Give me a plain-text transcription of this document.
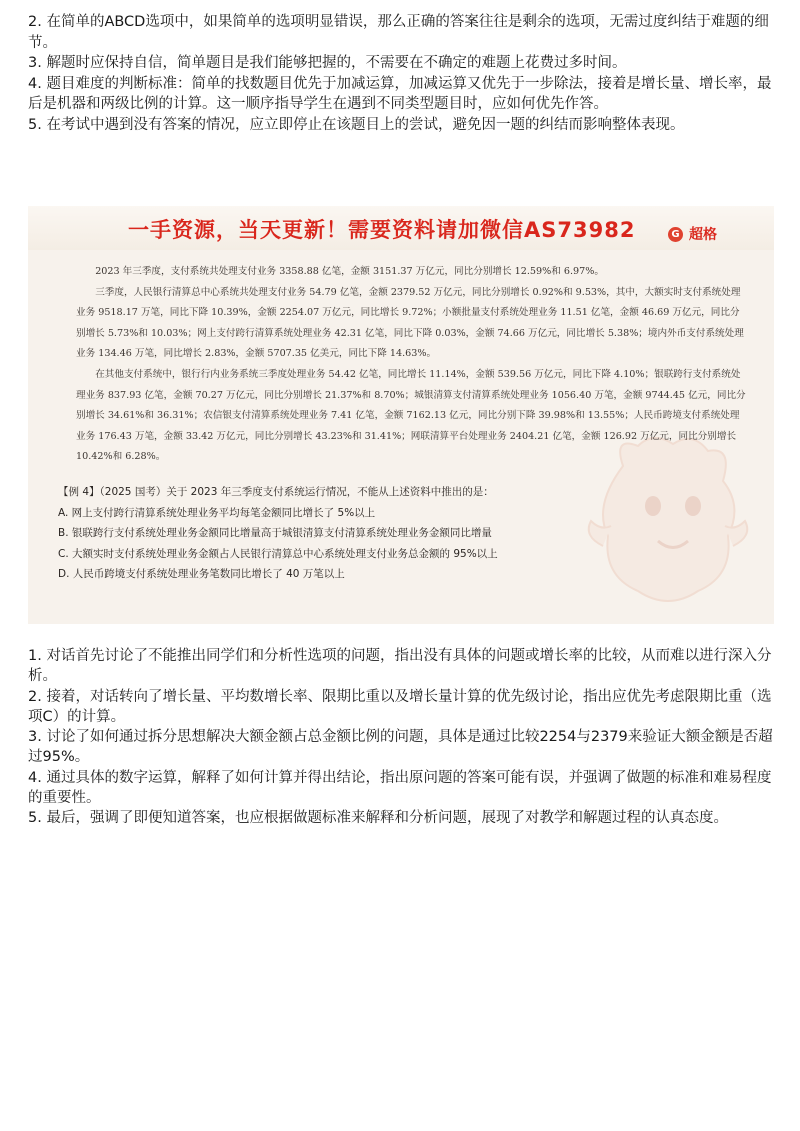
2. 在简单的ABCD选项中，如果简单的选项明显错误，那么正确的答案往往是剩余的选项，无需过度纠结于难题的细节。

3. 解题时应保持自信，简单题目是我们能够把握的，不需要在不确定的难题上花费过多时间。

4. 题目难度的判断标准：简单的找数题目优先于加减运算，加减运算又优先于一步除法，接着是增长量、增长率，最后是机器和两级比例的计算。这一顺序指导学生在遇到不同类型题目时，应如何优先作答。

5. 在考试中遇到没有答案的情况，应立即停止在该题目上的尝试，避免因一题的纠结而影响整体表现。

一手资源，当天更新！需要资料请加微信AS73982	G 超格

2023 年三季度，支付系统共处理支付业务 3358.88 亿笔，金额 3151.37 万亿元，同比分别增长 12.59%和 6.97%。

三季度，人民银行清算总中心系统共处理支付业务 54.79 亿笔，金额 2379.52 万亿元，同比分别增长 0.92%和 9.53%，其中，大额实时支付系统处理业务 9518.17 万笔，同比下降 10.39%，金额 2254.07 万亿元，同比增长 9.72%；小额批量支付系统处理业务 11.51 亿笔，金额 46.69 万亿元，同比分别增长 5.73%和 10.03%；网上支付跨行清算系统处理业务 42.31 亿笔，同比下降 0.03%，金额 74.66 万亿元，同比增长 5.38%；境内外币支付系统处理业务 134.46 万笔，同比增长 2.83%，金额 5707.35 亿美元，同比下降 14.63%。

在其他支付系统中，银行行内业务系统三季度处理业务 54.42 亿笔，同比增长 11.14%，金额 539.56 万亿元，同比下降 4.10%；银联跨行支付系统处理业务 837.93 亿笔，金额 70.27 万亿元，同比分别增长 21.37%和 8.70%；城银清算支付清算系统处理业务 1056.40 万笔，金额 9744.45 亿元，同比分别增长 34.61%和 36.31%；农信银支付清算系统处理业务 7.41 亿笔，金额 7162.13 亿元，同比分别下降 39.98%和 13.55%；人民币跨境支付系统处理业务 176.43 万笔，金额 33.42 万亿元，同比分别增长 43.23%和 31.41%；网联清算平台处理业务 2404.21 亿笔，金额 126.92 万亿元，同比分别增长 10.42%和 6.28%。

【例 4】（2025 国考）关于 2023 年三季度支付系统运行情况，不能从上述资料中推出的是：

A. 网上支付跨行清算系统处理业务平均每笔金额同比增长了 5%以上

B. 银联跨行支付系统处理业务金额同比增量高于城银清算支付清算系统处理业务金额同比增量

C. 大额实时支付系统处理业务金额占人民银行清算总中心系统处理支付业务总金额的 95%以上

D. 人民币跨境支付系统处理业务笔数同比增长了 40 万笔以上

1. 对话首先讨论了不能推出同学们和分析性选项的问题，指出没有具体的问题或增长率的比较，从而难以进行深入分析。

2. 接着，对话转向了增长量、平均数增长率、限期比重以及增长量计算的优先级讨论，指出应优先考虑限期比重（选项C）的计算。

3. 讨论了如何通过拆分思想解决大额金额占总金额比例的问题，具体是通过比较2254与2379来验证大额金额是否超过95%。

4. 通过具体的数字运算，解释了如何计算并得出结论，指出原问题的答案可能有误，并强调了做题的标准和难易程度的重要性。

5. 最后，强调了即便知道答案，也应根据做题标准来解释和分析问题，展现了对教学和解题过程的认真态度。
